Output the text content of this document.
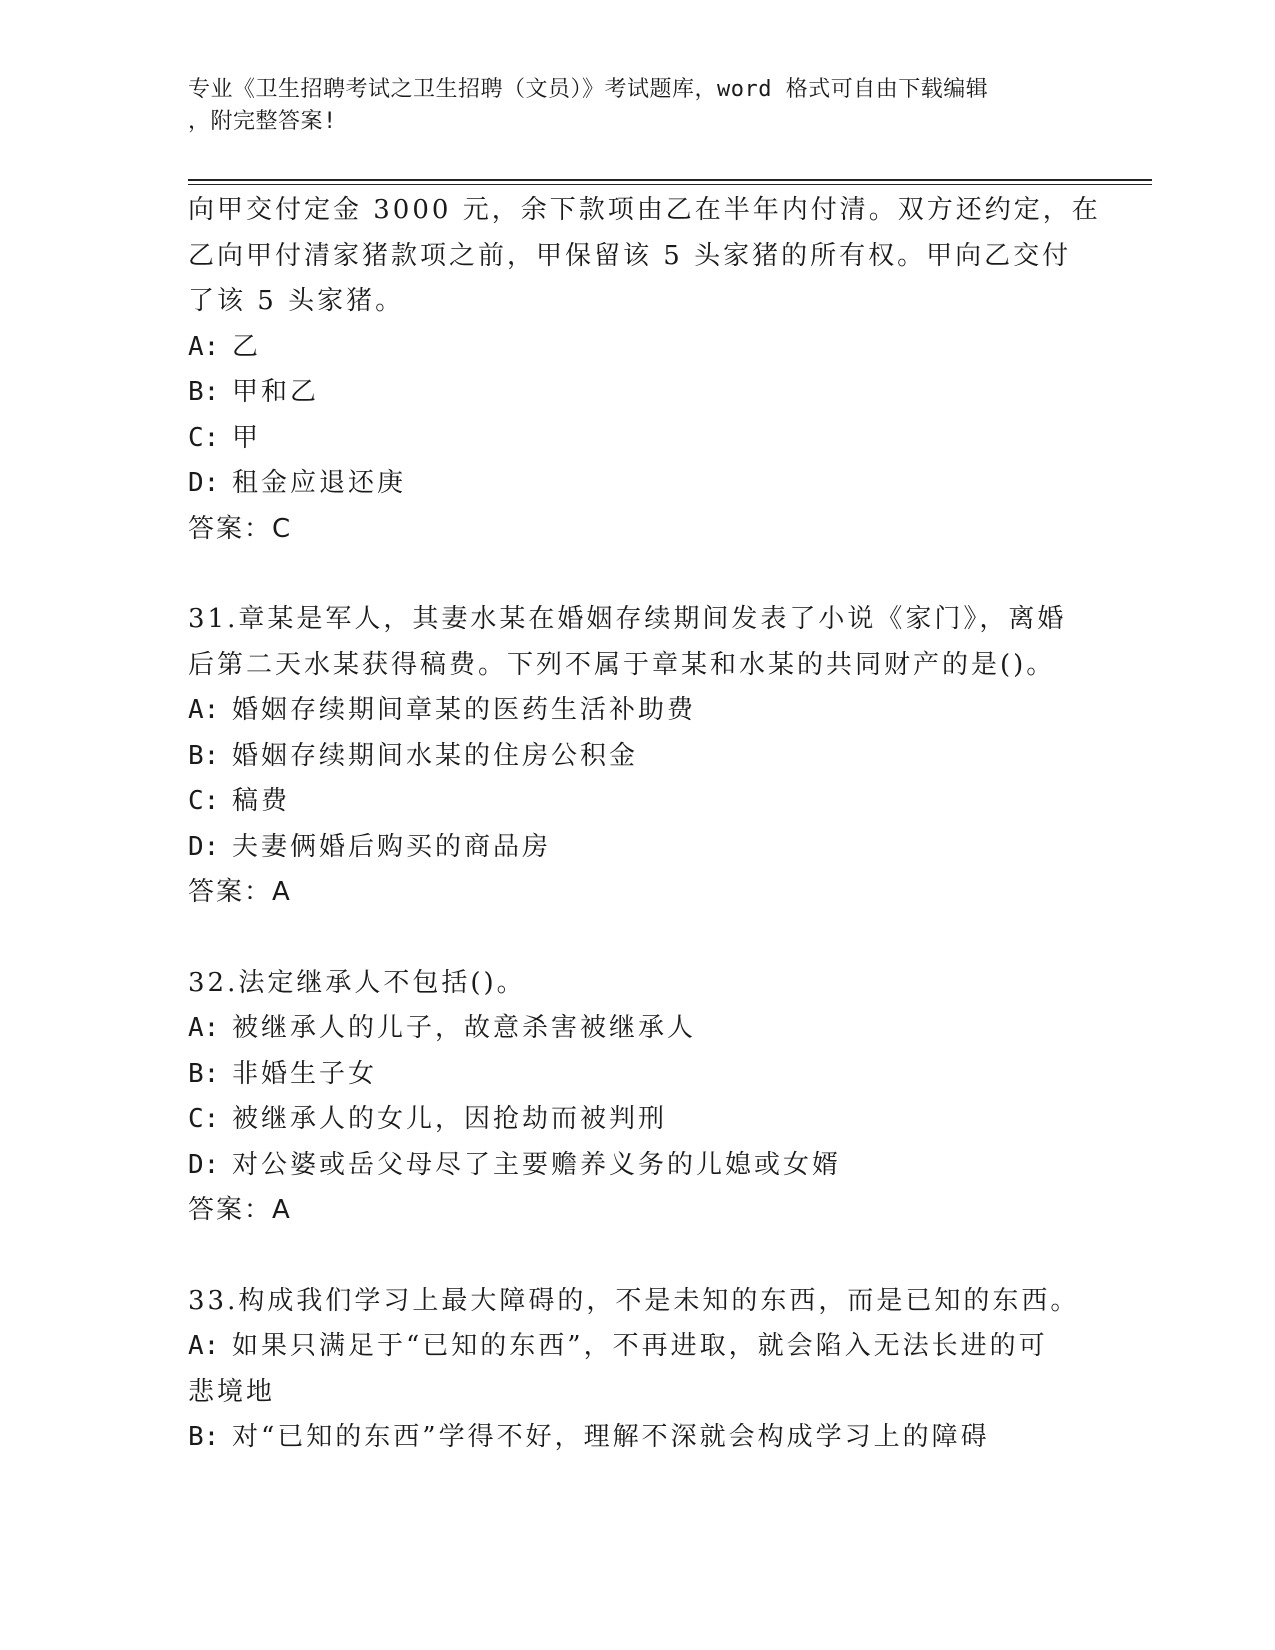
专业《卫生招聘考试之卫生招聘（文员）》考试题库，word 格式可自由下载编辑
，附完整答案!
向甲交付定金 3000 元，余下款项由乙在半年内付清。双方还约定，在
乙向甲付清家猪款项之前，甲保留该 5 头家猪的所有权。甲向乙交付
了该 5 头家猪。
A: 乙
B: 甲和乙
C: 甲
D: 租金应退还庚
答案：C
31.章某是军人，其妻水某在婚姻存续期间发表了小说《家门》，离婚
后第二天水某获得稿费。下列不属于章某和水某的共同财产的是()。
A: 婚姻存续期间章某的医药生活补助费
B: 婚姻存续期间水某的住房公积金
C: 稿费
D: 夫妻俩婚后购买的商品房
答案：A
32.法定继承人不包括()。
A: 被继承人的儿子，故意杀害被继承人
B: 非婚生子女
C: 被继承人的女儿，因抢劫而被判刑
D: 对公婆或岳父母尽了主要赡养义务的儿媳或女婿
答案：A
33.构成我们学习上最大障碍的，不是未知的东西，而是已知的东西。
A: 如果只满足于“已知的东西”，不再进取，就会陷入无法长进的可
悲境地
B: 对“已知的东西”学得不好，理解不深就会构成学习上的障碍
